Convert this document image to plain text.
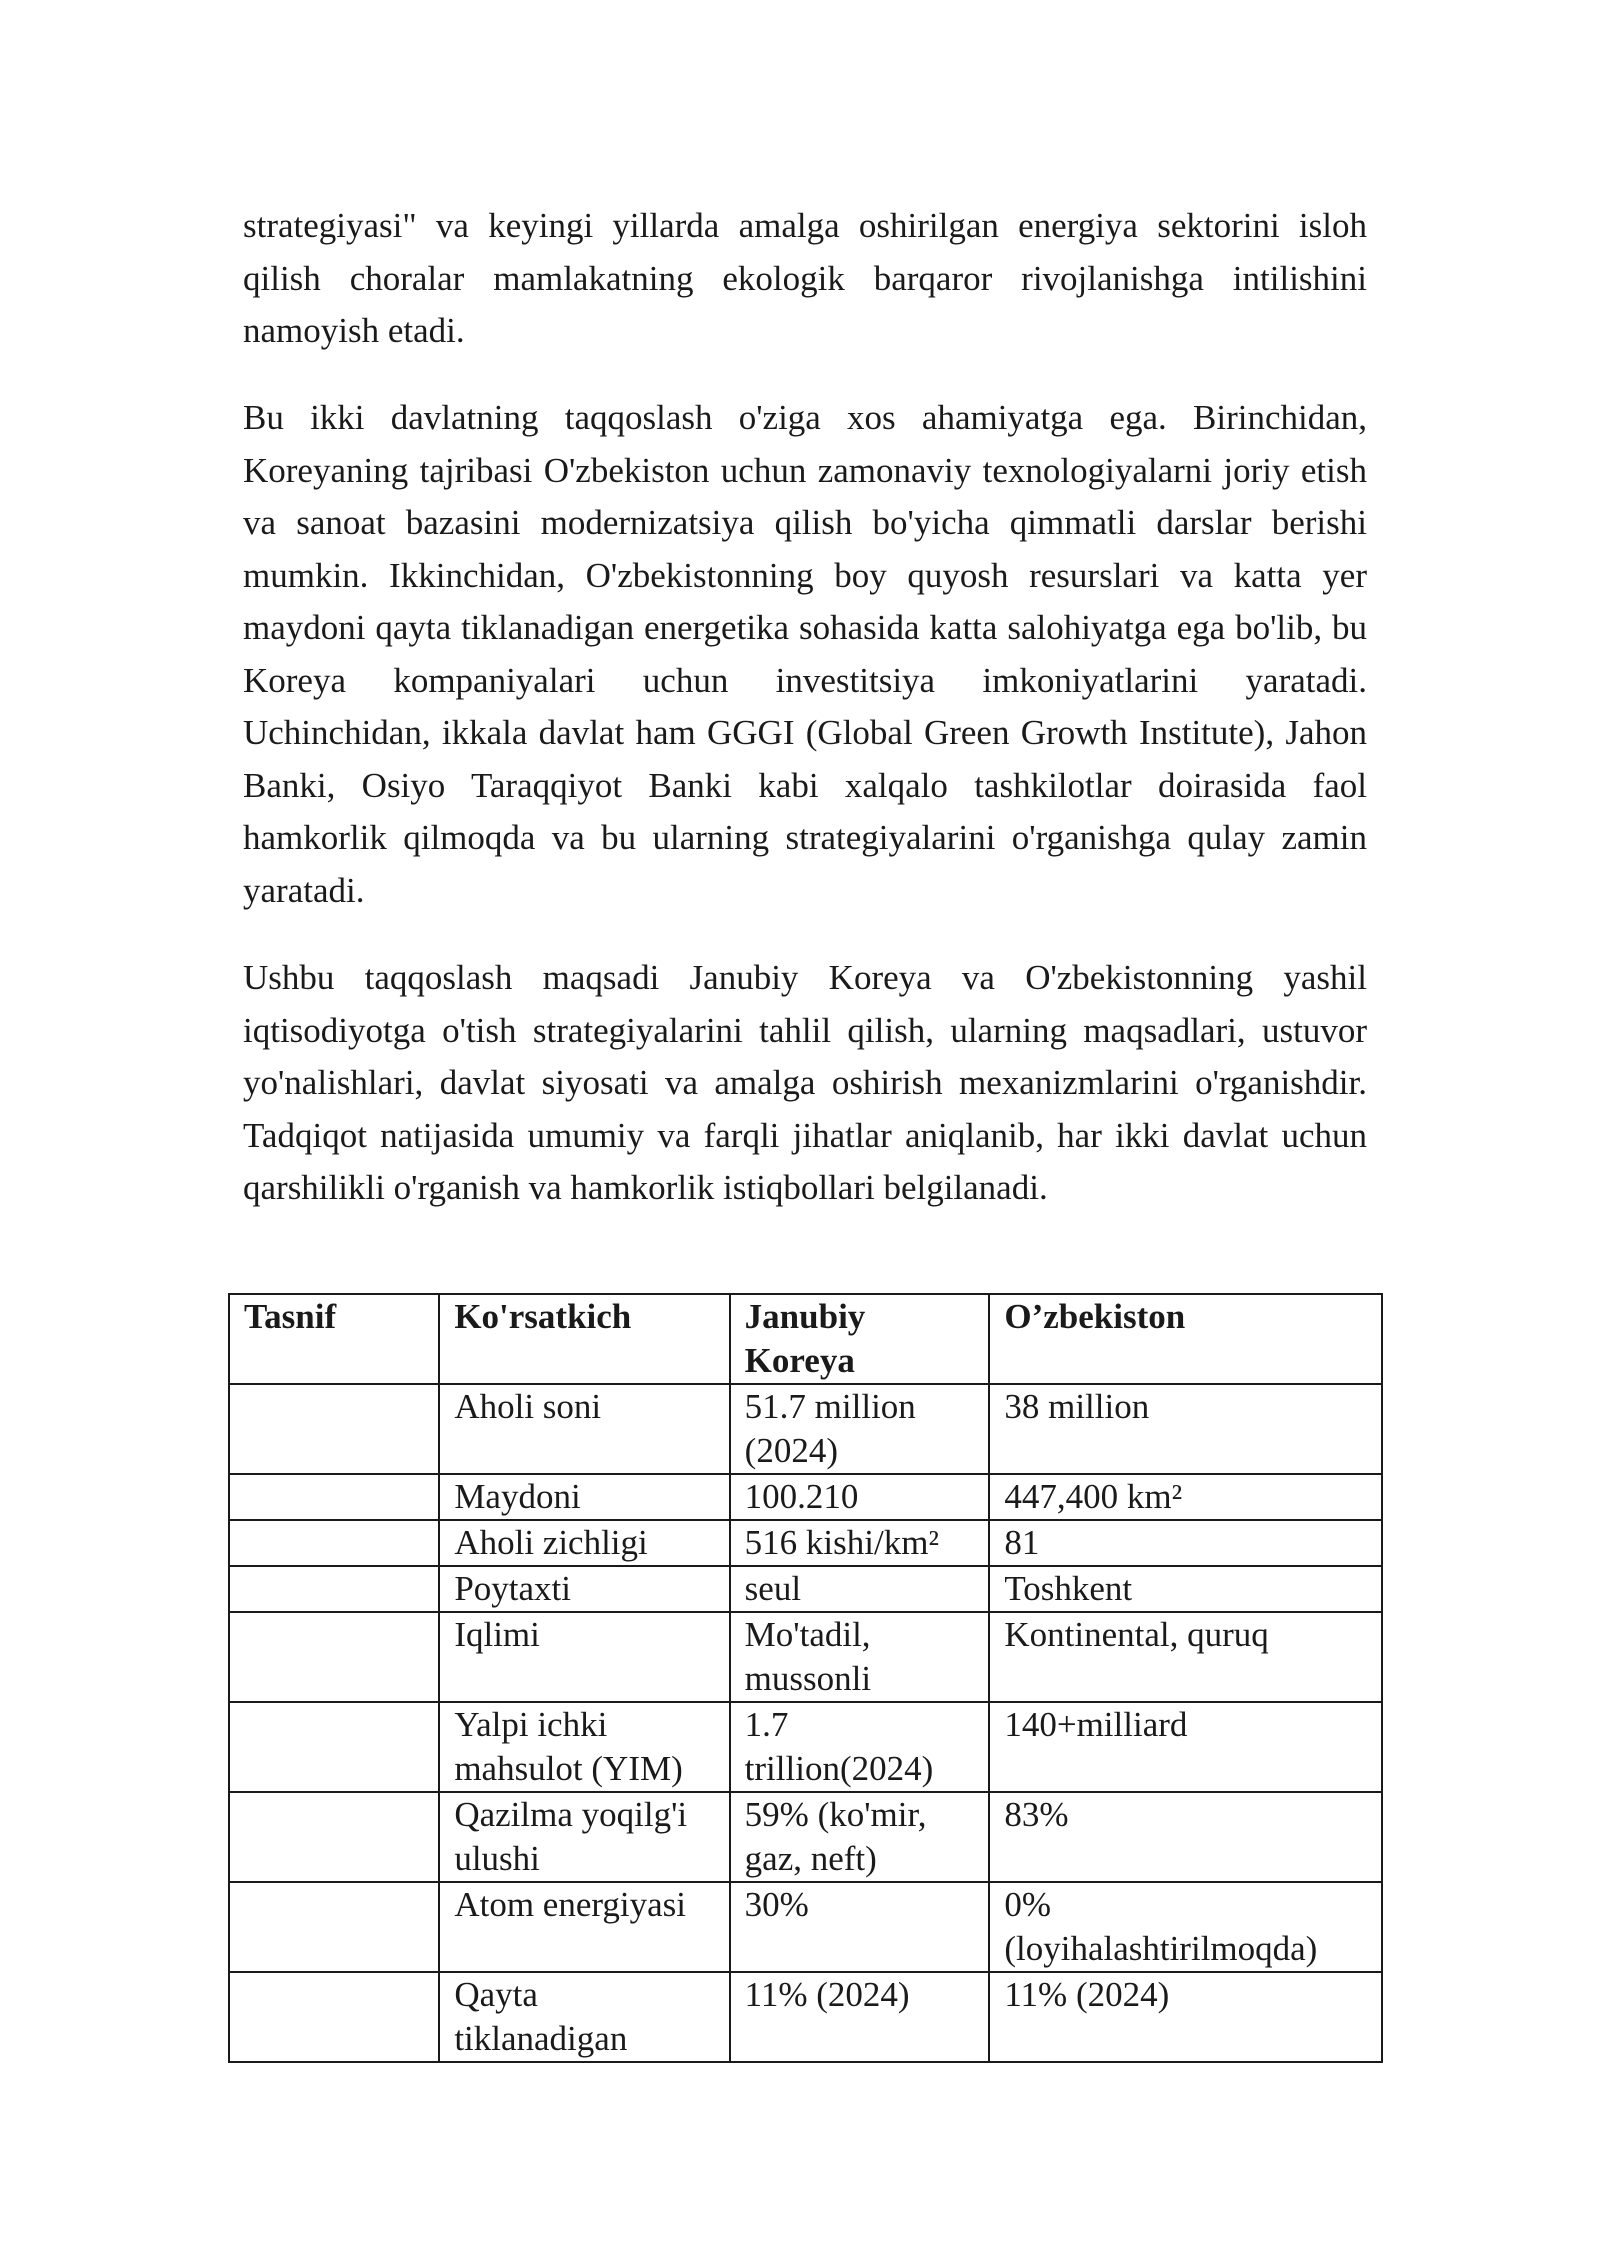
strategiyasi" va keyingi yillarda amalga oshirilgan energiya sektorini isloh qilish choralar mamlakatning ekologik barqaror rivojlanishga intilishini namoyish etadi.

Bu ikki davlatning taqqoslash o'ziga xos ahamiyatga ega. Birinchidan, Koreyaning tajribasi O'zbekiston uchun zamonaviy texnologiyalarni joriy etish va sanoat bazasini modernizatsiya qilish bo'yicha qimmatli darslar berishi mumkin. Ikkinchidan, O'zbekistonning boy quyosh resurslari va katta yer maydoni qayta tiklanadigan energetika sohasida katta salohiyatga ega bo'lib, bu Koreya kompaniyalari uchun investitsiya imkoniyatlarini yaratadi. Uchinchidan, ikkala davlat ham GGGI (Global Green Growth Institute), Jahon Banki, Osiyo Taraqqiyot Banki kabi xalqalo tashkilotlar doirasida faol hamkorlik qilmoqda va bu ularning strategiyalarini o'rganishga qulay zamin yaratadi.

Ushbu taqqoslash maqsadi Janubiy Koreya va O'zbekistonning yashil iqtisodiyotga o'tish strategiyalarini tahlil qilish, ularning maqsadlari, ustuvor yo'nalishlari, davlat siyosati va amalga oshirish mexanizmlarini o'rganishdir. Tadqiqot natijasida umumiy va farqli jihatlar aniqlanib, har ikki davlat uchun qarshilikli o'rganish va hamkorlik istiqbollari belgilanadi.

Tasnif	Ko'rsatkich	Janubiy Koreya	O’zbekiston
	Aholi soni	51.7 million (2024)	38 million
	Maydoni	100.210	447,400 km²
	Aholi zichligi	516 kishi/km²	81
	Poytaxti	seul	Toshkent
	Iqlimi	Mo'tadil, mussonli	Kontinental, quruq
	Yalpi ichki mahsulot (YIM)	1.7 trillion(2024)	140+milliard
	Qazilma yoqilg'i ulushi	59% (ko'mir, gaz, neft)	83%
	Atom energiyasi	30%	0% (loyihalashtirilmoqda)
	Qayta tiklanadigan	11% (2024)	11% (2024)
